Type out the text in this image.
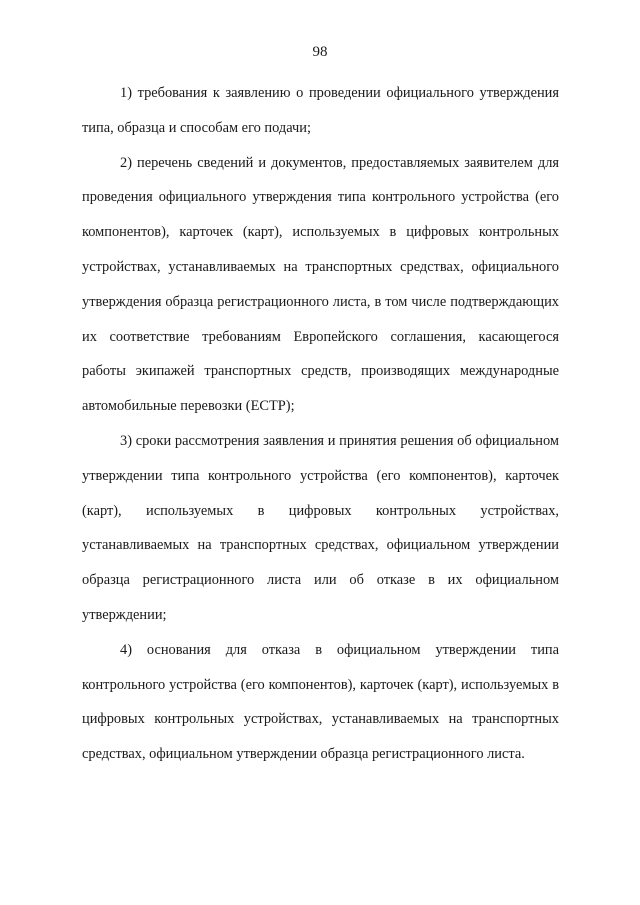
98

1) требования к заявлению о проведении официального утверждения типа, образца и способам его подачи;

2) перечень сведений и документов, предоставляемых заявителем для проведения официального утверждения типа контрольного устройства (его компонентов), карточек (карт), используемых в цифровых контрольных устройствах, устанавливаемых на транспортных средствах, официального утверждения образца регистрационного листа, в том числе подтверждающих их соответствие требованиям Европейского соглашения, касающегося работы экипажей транспортных средств, производящих международные автомобильные перевозки (ЕСТР);

3) сроки рассмотрения заявления и принятия решения об официальном утверждении типа контрольного устройства (его компонентов), карточек (карт), используемых в цифровых контрольных устройствах, устанавливаемых на транспортных средствах, официальном утверждении образца регистрационного листа или об отказе в их официальном утверждении;

4) основания для отказа в официальном утверждении типа контрольного устройства (его компонентов), карточек (карт), используемых в цифровых контрольных устройствах, устанавливаемых на транспортных средствах, официальном утверждении образца регистрационного листа.
